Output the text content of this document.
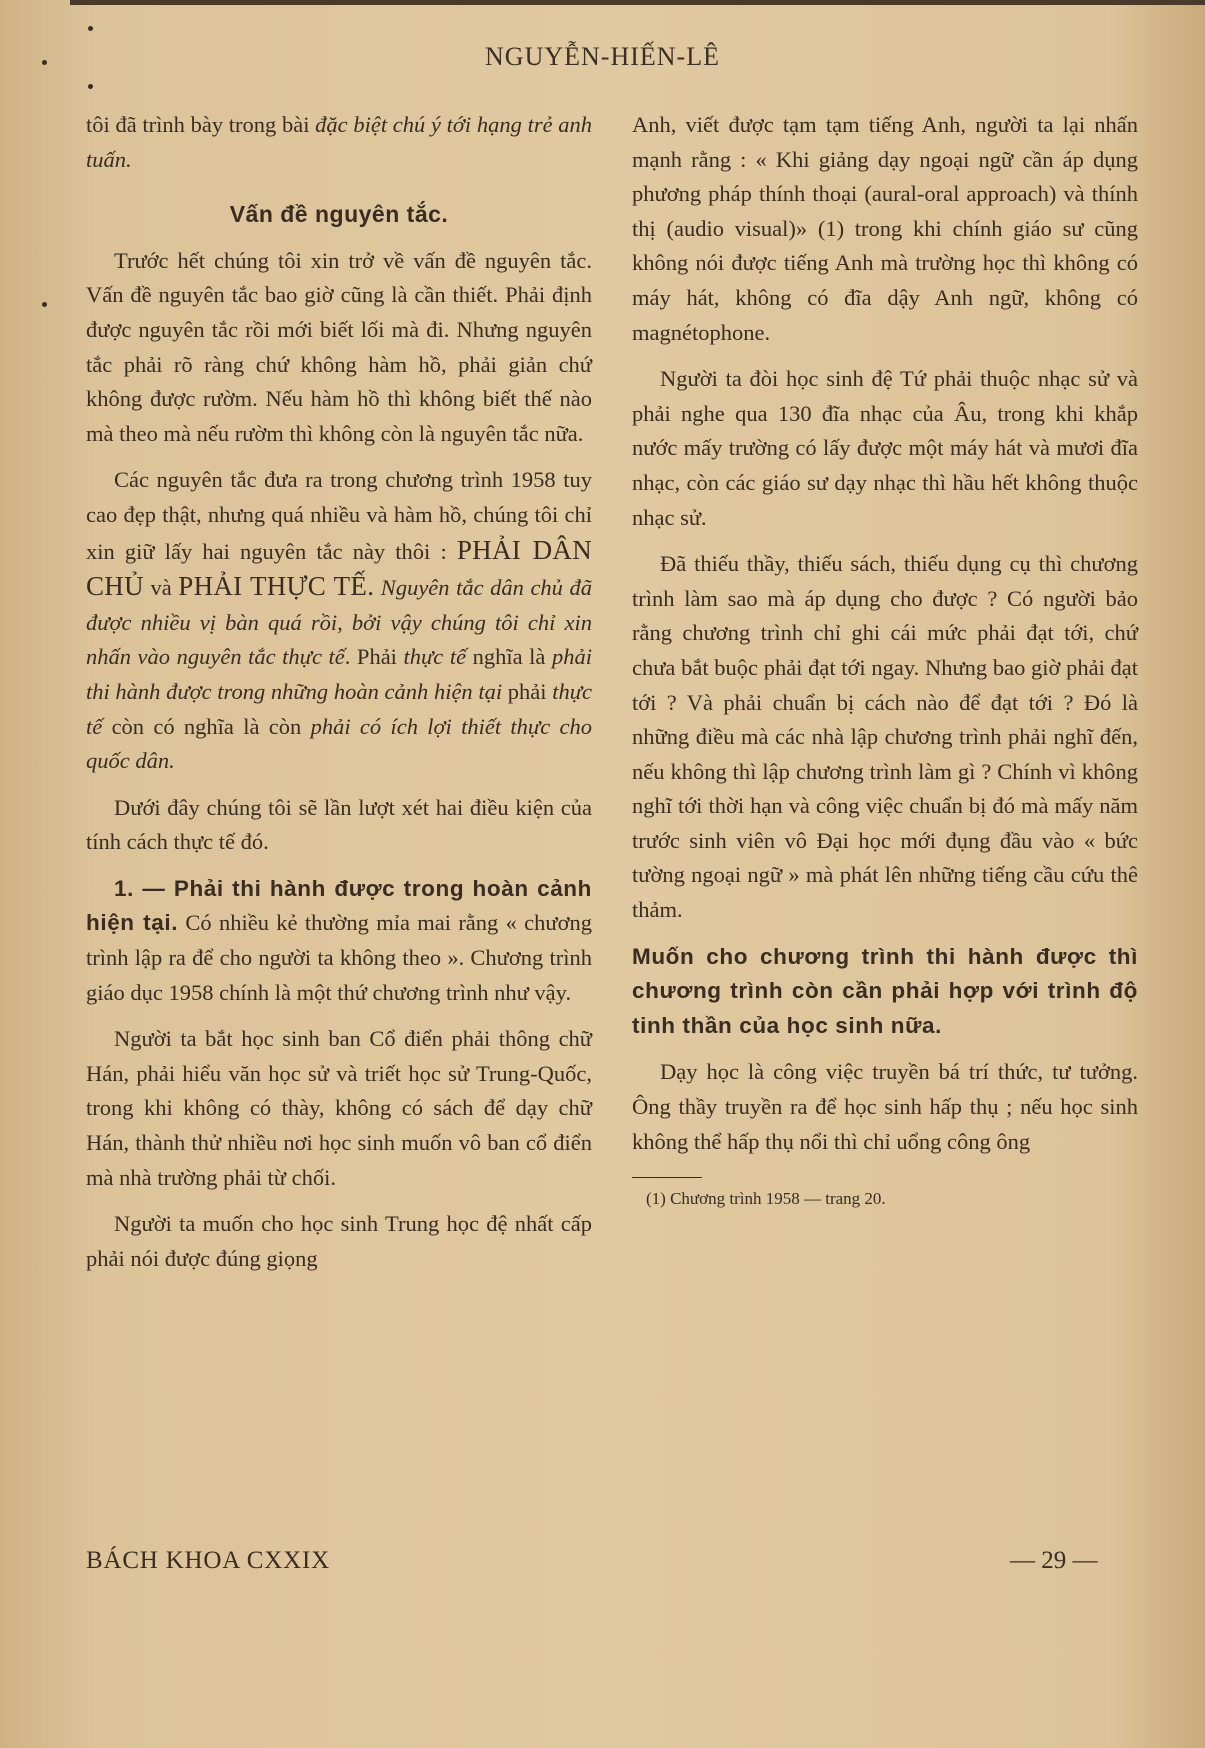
NGUYỄN-HIẾN-LÊ

tôi đã trình bày trong bài đặc biệt chú ý tới hạng trẻ anh tuấn.

Vấn đề nguyên tắc.

Trước hết chúng tôi xin trở về vấn đề nguyên tắc. Vấn đề nguyên tắc bao giờ cũng là cần thiết. Phải định được nguyên tắc rồi mới biết lối mà đi. Nhưng nguyên tắc phải rõ ràng chứ không hàm hồ, phải giản chứ không được rườm. Nếu hàm hồ thì không biết thế nào mà theo mà nếu rườm thì không còn là nguyên tắc nữa.

Các nguyên tắc đưa ra trong chương trình 1958 tuy cao đẹp thật, nhưng quá nhiều và hàm hồ, chúng tôi chỉ xin giữ lấy hai nguyên tắc này thôi : PHẢI DÂN CHỦ và PHẢI THỰC TẾ. Nguyên tắc dân chủ đã được nhiều vị bàn quá rồi, bởi vậy chúng tôi chỉ xin nhấn vào nguyên tắc thực tế. Phải thực tế nghĩa là phải thi hành được trong những hoàn cảnh hiện tại phải thực tế còn có nghĩa là còn phải có ích lợi thiết thực cho quốc dân.

Dưới đây chúng tôi sẽ lần lượt xét hai điều kiện của tính cách thực tế đó.

1. — Phải thi hành được trong hoàn cảnh hiện tại. Có nhiều kẻ thường mỉa mai rằng « chương trình lập ra để cho người ta không theo ». Chương trình giáo dục 1958 chính là một thứ chương trình như vậy.

Người ta bắt học sinh ban Cổ điển phải thông chữ Hán, phải hiểu văn học sử và triết học sử Trung-Quốc, trong khi không có thày, không có sách để dạy chữ Hán, thành thử nhiều nơi học sinh muốn vô ban cổ điển mà nhà trường phải từ chối.

Người ta muốn cho học sinh Trung học đệ nhất cấp phải nói được đúng giọng

Anh, viết được tạm tạm tiếng Anh, người ta lại nhấn mạnh rằng : « Khi giảng dạy ngoại ngữ cần áp dụng phương pháp thính thoại (aural-oral approach) và thính thị (audio visual)» (1) trong khi chính giáo sư cũng không nói được tiếng Anh mà trường học thì không có máy hát, không có đĩa dậy Anh ngữ, không có magnétophone.

Người ta đòi học sinh đệ Tứ phải thuộc nhạc sử và phải nghe qua 130 đĩa nhạc của Âu, trong khi khắp nước mấy trường có lấy được một máy hát và mươi đĩa nhạc, còn các giáo sư dạy nhạc thì hầu hết không thuộc nhạc sử.

Đã thiếu thầy, thiếu sách, thiếu dụng cụ thì chương trình làm sao mà áp dụng cho được ? Có người bảo rằng chương trình chỉ ghi cái mức phải đạt tới, chứ chưa bắt buộc phải đạt tới ngay. Nhưng bao giờ phải đạt tới ? Và phải chuẩn bị cách nào để đạt tới ? Đó là những điều mà các nhà lập chương trình phải nghĩ đến, nếu không thì lập chương trình làm gì ? Chính vì không nghĩ tới thời hạn và công việc chuẩn bị đó mà mấy năm trước sinh viên vô Đại học mới đụng đầu vào « bức tường ngoại ngữ » mà phát lên những tiếng cầu cứu thê thảm.

Muốn cho chương trình thi hành được thì chương trình còn cần phải hợp với trình độ tinh thần của học sinh nữa.

Dạy học là công việc truyền bá trí thức, tư tưởng. Ông thầy truyền ra để học sinh hấp thụ ; nếu học sinh không thể hấp thụ nổi thì chỉ uổng công ông

(1) Chương trình 1958 — trang 20.
BÁCH KHOA CXXIX	— 29 —
